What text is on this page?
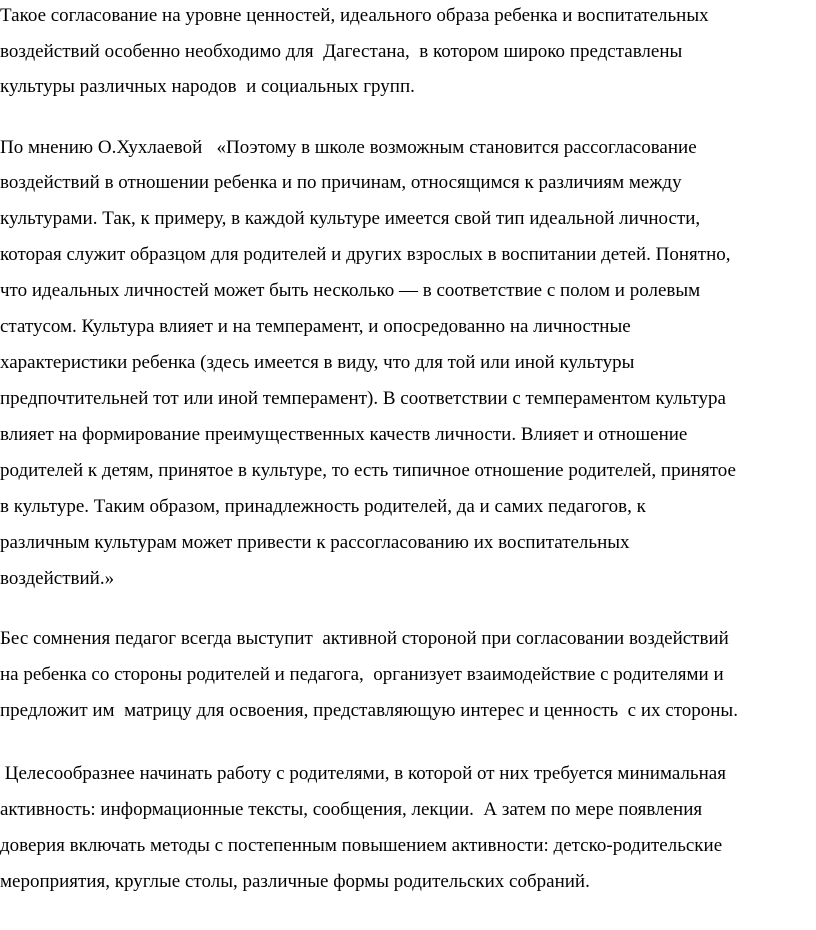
Такое согласование на уровне ценностей, идеального образа ребенка и воспитательных
воздействий особенно необходимо для  Дагестана,  в котором широко представлены
культуры различных народов  и социальных групп.
По мнению О.Хухлаевой   «Поэтому в школе возможным становится рассогласование
воздействий в отношении ребенка и по причинам, относящимся к различиям между
культурами. Так, к примеру, в каждой культуре имеется свой тип идеальной личности,
которая служит образцом для родителей и других взрослых в воспитании детей. Понятно,
что идеальных личностей может быть несколько — в соответствие с полом и ролевым
статусом. Культура влияет и на темперамент, и опосредованно на личностные
характеристики ребенка (здесь имеется в виду, что для той или иной культуры
предпочтительней тот или иной темперамент). В соответствии с темпераментом культура
влияет на формирование преимущественных качеств личности. Влияет и отношение
родителей к детям, принятое в культуре, то есть типичное отношение родителей, принятое
в культуре. Таким образом, принадлежность родителей, да и самих педагогов, к
различным культурам может привести к рассогласованию их воспитательных
воздействий.»
Бес сомнения педагог всегда выступит  активной стороной при согласовании воздействий
на ребенка со стороны родителей и педагога,  организует взаимодействие с родителями и
предложит им  матрицу для освоения, представляющую интерес и ценность  с их стороны.
Целесообразнее начинать работу с родителями, в которой от них требуется минимальная
активность: информационные тексты, сообщения, лекции.  А затем по мере появления
доверия включать методы с постепенным повышением активности: детско-родительские
мероприятия, круглые столы, различные формы родительских собраний.
